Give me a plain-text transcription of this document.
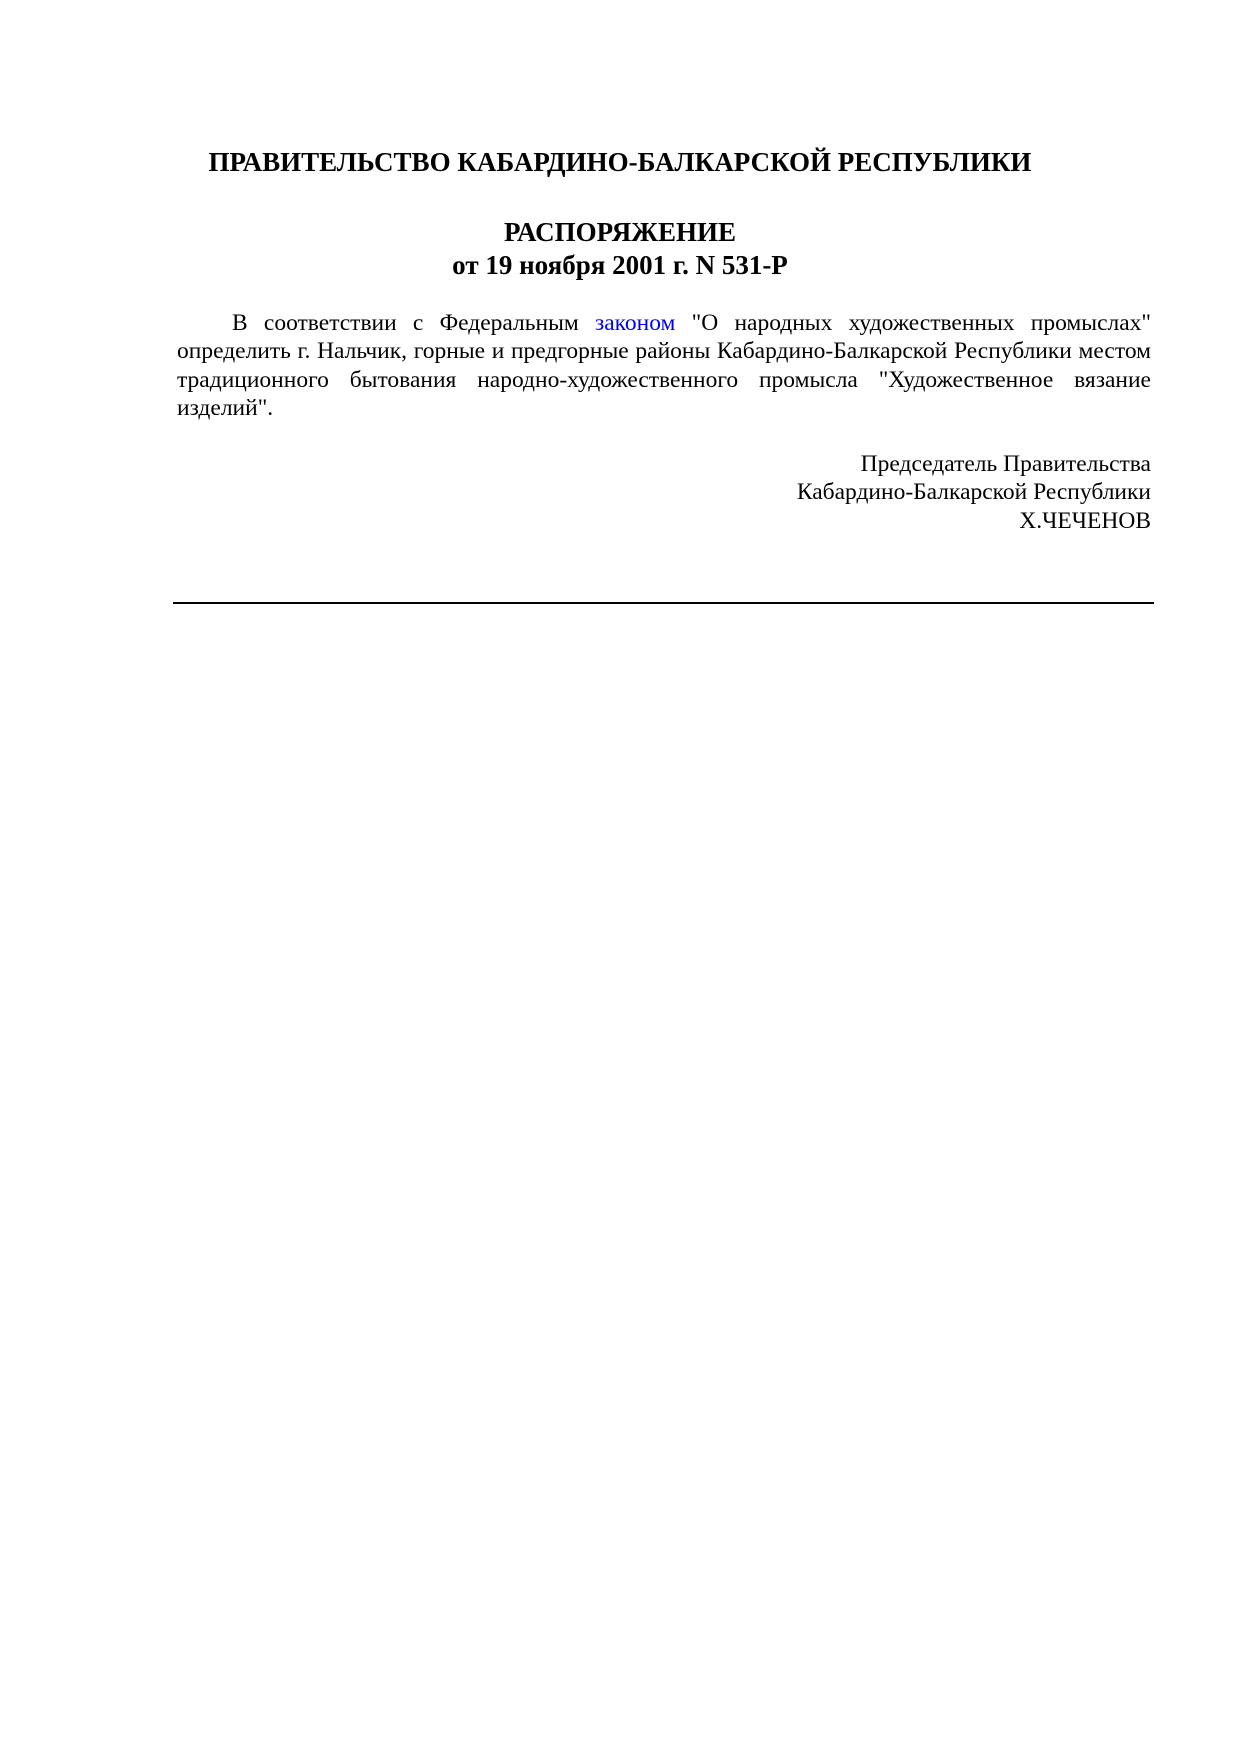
ПРАВИТЕЛЬСТВО КАБАРДИНО-БАЛКАРСКОЙ РЕСПУБЛИКИ
РАСПОРЯЖЕНИЕ
от 19 ноября 2001 г. N 531-Р

В соответствии с Федеральным законом "О народных художественных промыслах" определить г. Нальчик, горные и предгорные районы Кабардино-Балкарской Республики местом традиционного бытования народно-художественного промысла "Художественное вязание изделий".

Председатель Правительства
Кабардино-Балкарской Республики
Х.ЧЕЧЕНОВ
